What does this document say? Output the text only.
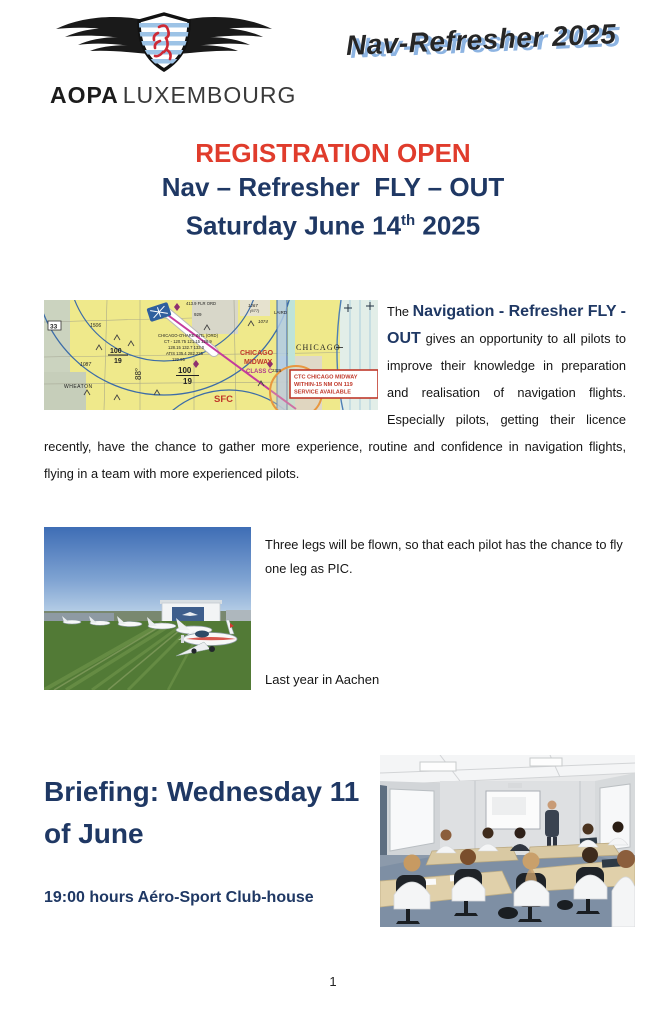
AOPA LUXEMBOURG
Nav-Refresher 2025
REGISTRATION OPEN
Nav – Refresher  FLY – OUT
Saturday June 14th 2025
33	1506
1087
WHEATON
413.9 FLR ORD
929
CHICAGO-O'HARE INTL (ORD)
CT - 120.75 121.15 126.9
128.15 132.7 133.0
ATIS 135.4 282.225
122.95
100
19
100
19
88°
CHICAGO
MIDWAY
CLASS C 2325
SFC
CHICAGO
LAIRD
1267
(677)
1074
CTC CHICAGO MIDWAY
WITHIN-15 NM ON 119
SERVICE AVAILABLE
The Navigation - Refresher FLY - OUT gives an opportunity to all pilots to improve their knowledge in preparation and realisation of navigation flights. Especially pilots, getting their licence recently, have the chance to gather more experience, routine and confidence in navigation flights, flying in a team with more experienced pilots.
Three legs will be flown, so that each pilot has the chance to fly one leg as PIC.
Last year in Aachen
Briefing: Wednesday 11 of June
19:00 hours Aéro-Sport Club-house
1
